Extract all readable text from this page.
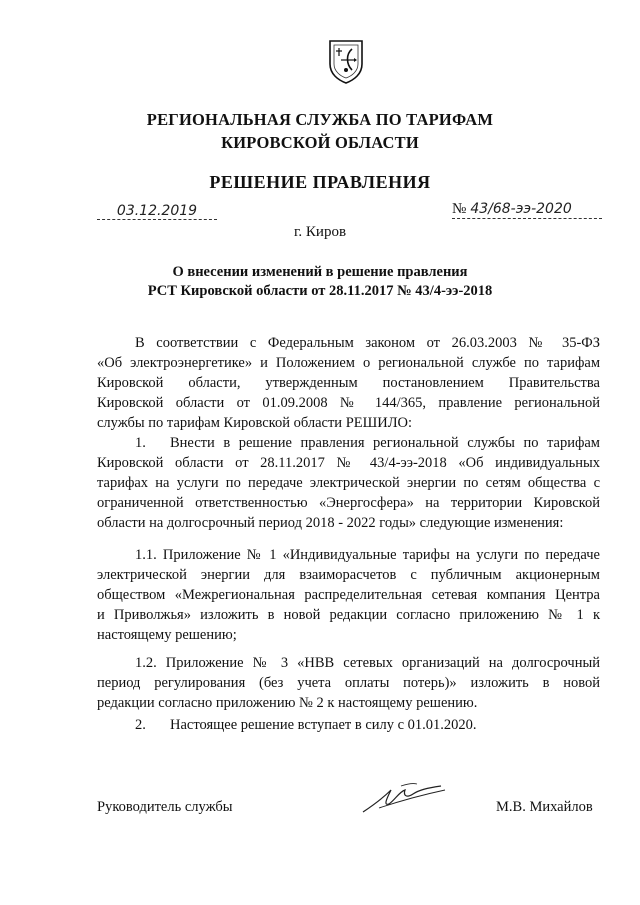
РЕГИОНАЛЬНАЯ СЛУЖБА ПО ТАРИФАМ
КИРОВСКОЙ ОБЛАСТИ
РЕШЕНИЕ ПРАВЛЕНИЯ
03.12.2019	№ 43/68-ээ-2020
г. Киров
О внесении изменений в решение правления
РСТ Кировской области от 28.11.2017 № 43/4-ээ-2018
В соответствии с Федеральным законом от 26.03.2003 № 35-ФЗ
«Об электроэнергетике» и Положением о региональной службе по тарифам
Кировской области, утвержденным постановлением Правительства
Кировской области от 01.09.2008 № 144/365, правление региональной
службы по тарифам Кировской области РЕШИЛО:
1. Внести в решение правления региональной службы по тарифам
Кировской области от 28.11.2017 № 43/4-ээ-2018 «Об индивидуальных
тарифах на услуги по передаче электрической энергии по сетям общества с
ограниченной ответственностью «Энергосфера» на территории Кировской
области на долгосрочный период 2018 - 2022 годы» следующие изменения:
1.1. Приложение № 1 «Индивидуальные тарифы на услуги по передаче
электрической энергии для взаиморасчетов с публичным акционерным
обществом «Межрегиональная распределительная сетевая компания Центра
и Приволжья» изложить в новой редакции согласно приложению № 1 к
настоящему решению;
1.2. Приложение № 3 «НВВ сетевых организаций на долгосрочный
период регулирования (без учета оплаты потерь)» изложить в новой
редакции согласно приложению № 2 к настоящему решению.
2. Настоящее решение вступает в силу с 01.01.2020.
Руководитель службы	М.В. Михайлов
